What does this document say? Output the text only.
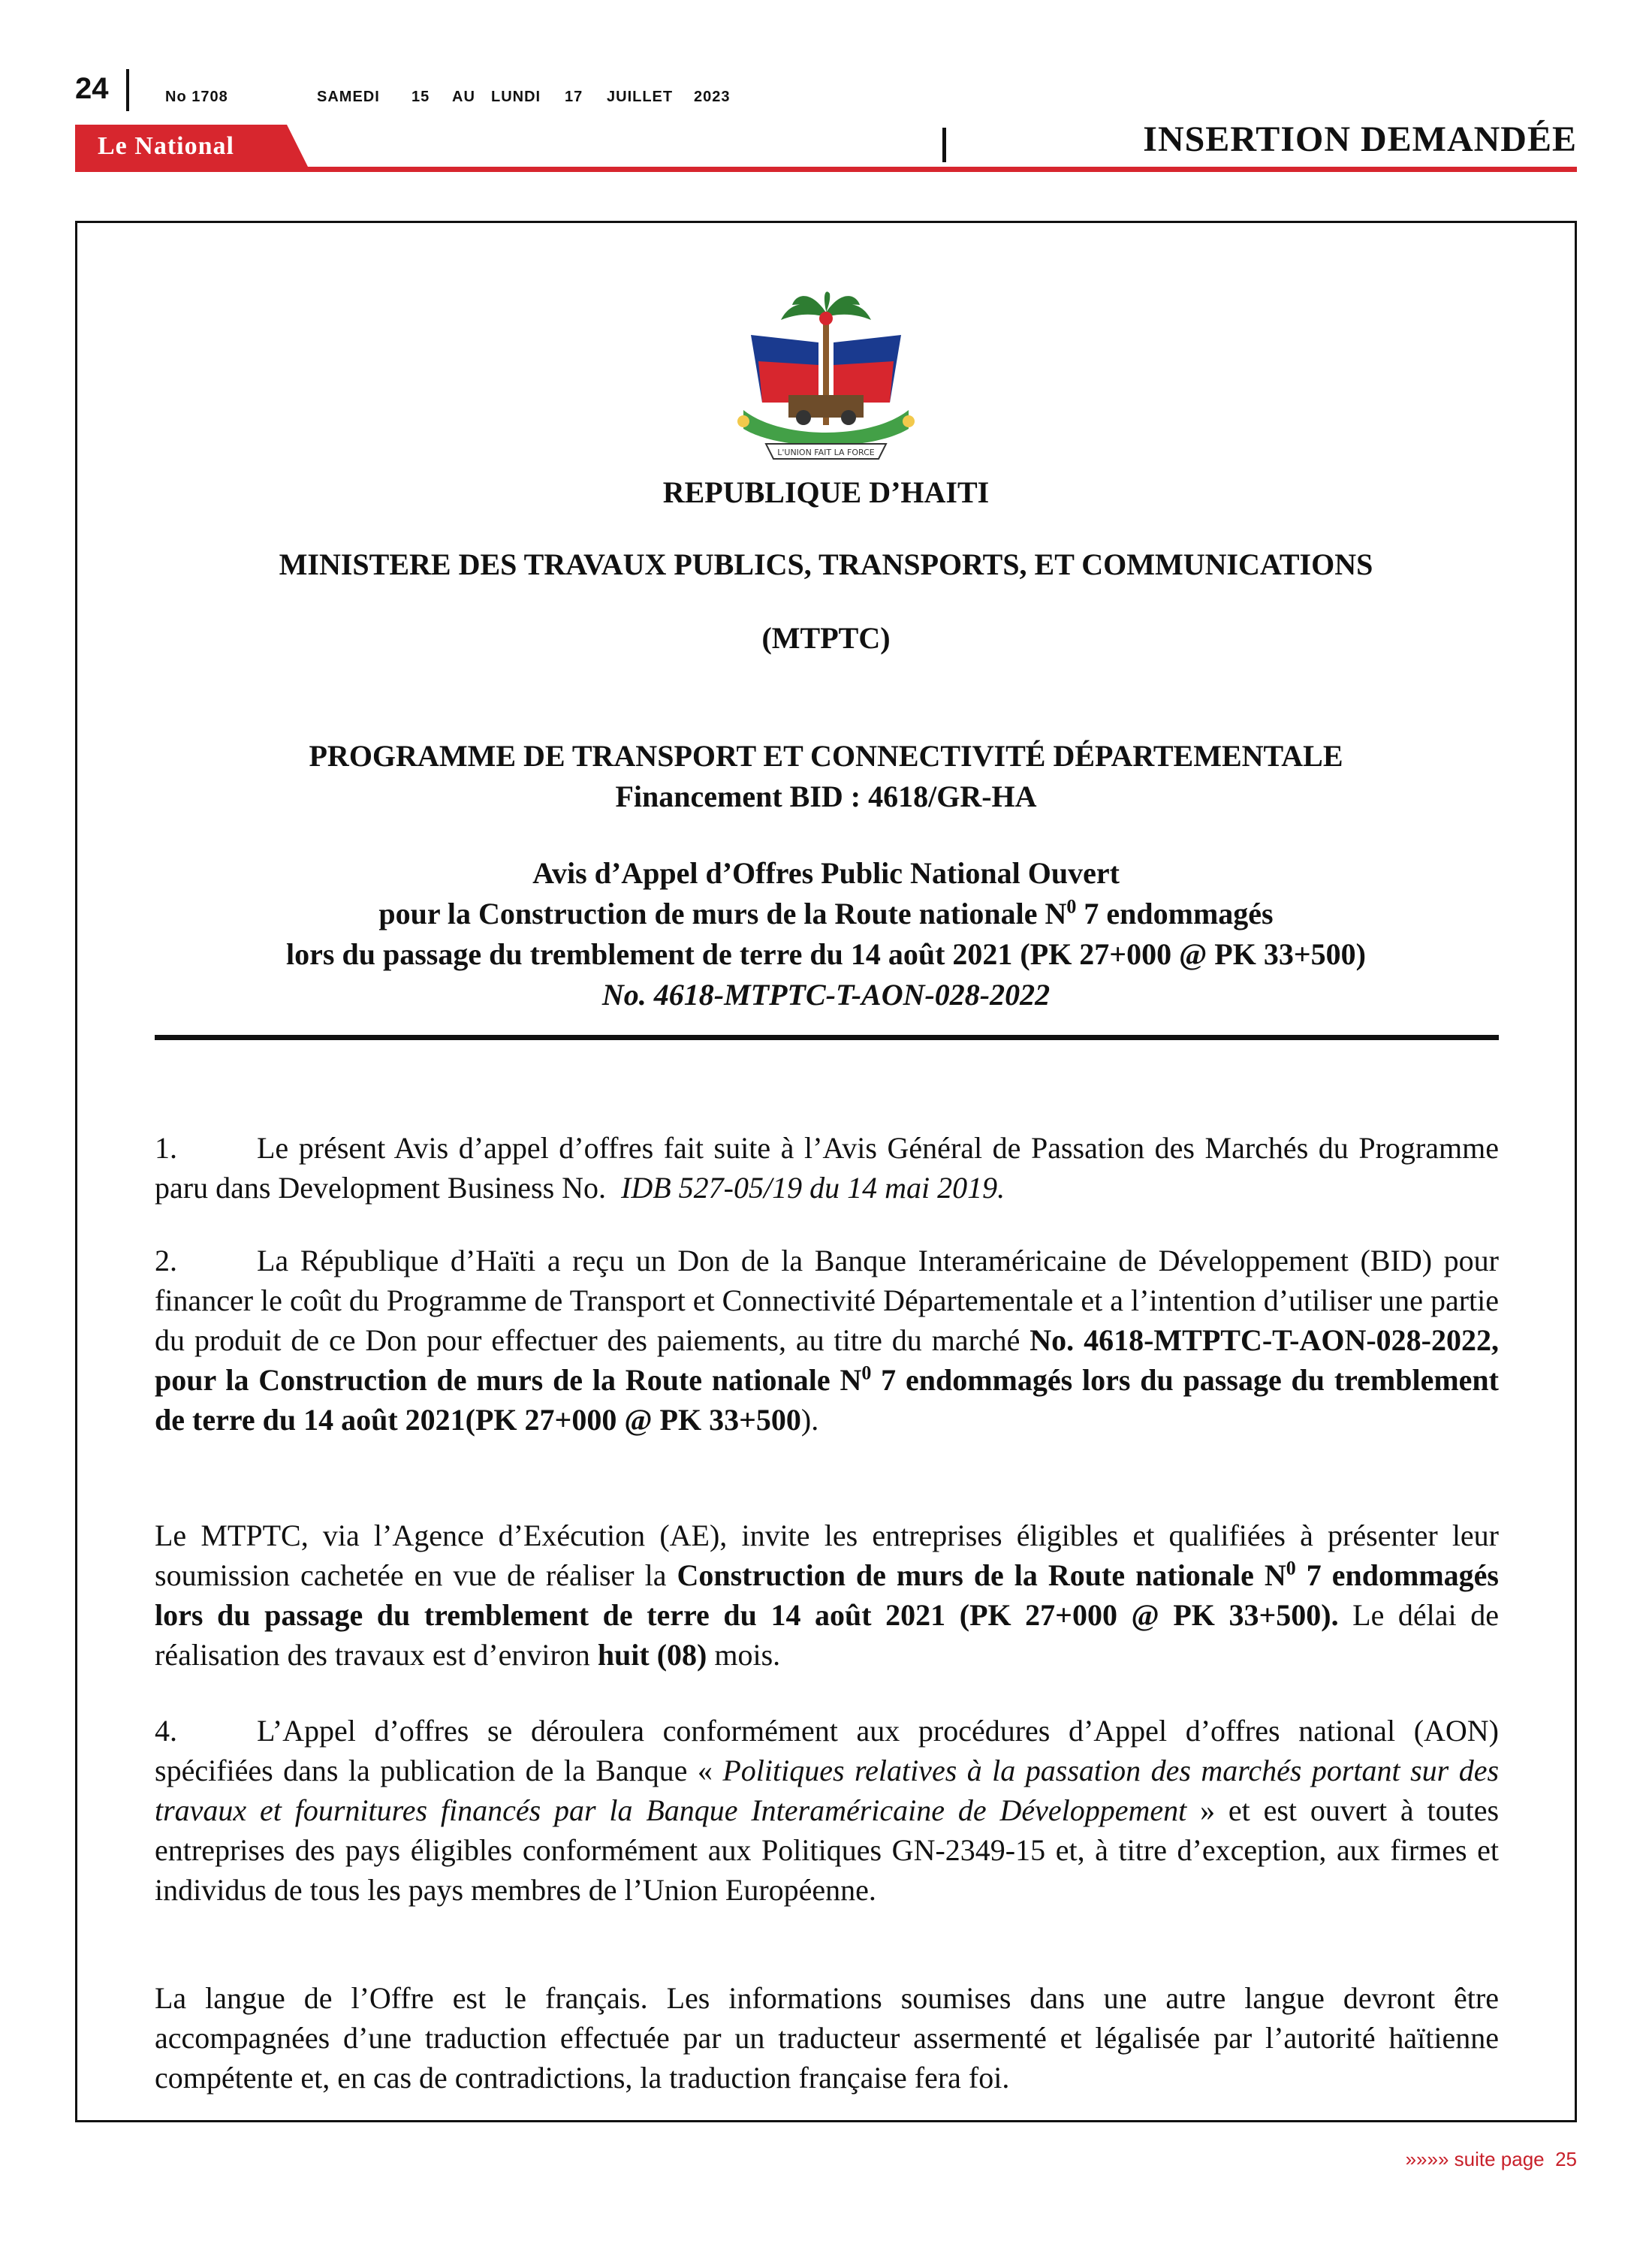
24	No 1708	SAMEDI 15 AU LUNDI 17 JUILLET 2023
Le National	INSERTION DEMANDÉE
L'UNION FAIT LA FORCE
REPUBLIQUE D’HAITI
MINISTERE DES TRAVAUX PUBLICS, TRANSPORTS, ET COMMUNICATIONS
(MTPTC)
PROGRAMME DE TRANSPORT ET CONNECTIVITÉ DÉPARTEMENTALE
Financement BID : 4618/GR-HA
Avis d’Appel d’Offres Public National Ouvert
pour la Construction de murs de la Route nationale $N^0$ 7 endommagés
lors du passage du tremblement de terre du 14 août 2021 (PK 27+000 @ PK 33+500)
No. 4618-MTPTC-T-AON-028-2022
1.	Le présent Avis d’appel d’offres fait suite à l’Avis Général de Passation des Marchés du Programme paru dans Development Business No. IDB 527-05/19 du 14 mai 2019.
2.	La République d’Haïti a reçu un Don de la Banque Interaméricaine de Développement (BID) pour financer le coût du Programme de Transport et Connectivité Départementale et a l’intention d’utiliser une partie du produit de ce Don pour effectuer des paiements, au titre du marché No. 4618-MTPTC-T-AON-028-2022, pour la Construction de murs de la Route nationale $N^0$ 7 endommagés lors du passage du tremblement de terre du 14 août 2021(PK 27+000 @ PK 33+500).
Le MTPTC, via l’Agence d’Exécution (AE), invite les entreprises éligibles et qualifiées à présenter leur soumission cachetée en vue de réaliser la Construction de murs de la Route nationale $N^0$ 7 endommagés lors du passage du tremblement de terre du 14 août 2021 (PK 27+000 @ PK 33+500). Le délai de réalisation des travaux est d’environ huit (08) mois.
4.	L’Appel d’offres se déroulera conformément aux procédures d’Appel d’offres national (AON) spécifiées dans la publication de la Banque « Politiques relatives à la passation des marchés portant sur des travaux et fournitures financés par la Banque Interaméricaine de Développement » et est ouvert à toutes entreprises des pays éligibles conformément aux Politiques GN-2349-15 et, à titre d’exception, aux firmes et individus de tous les pays membres de l’Union Européenne.
La langue de l’Offre est le français. Les informations soumises dans une autre langue devront être accompagnées d’une traduction effectuée par un traducteur assermenté et légalisée par l’autorité haïtienne compétente et, en cas de contradictions, la traduction française fera foi.
»»»» suite page 25
